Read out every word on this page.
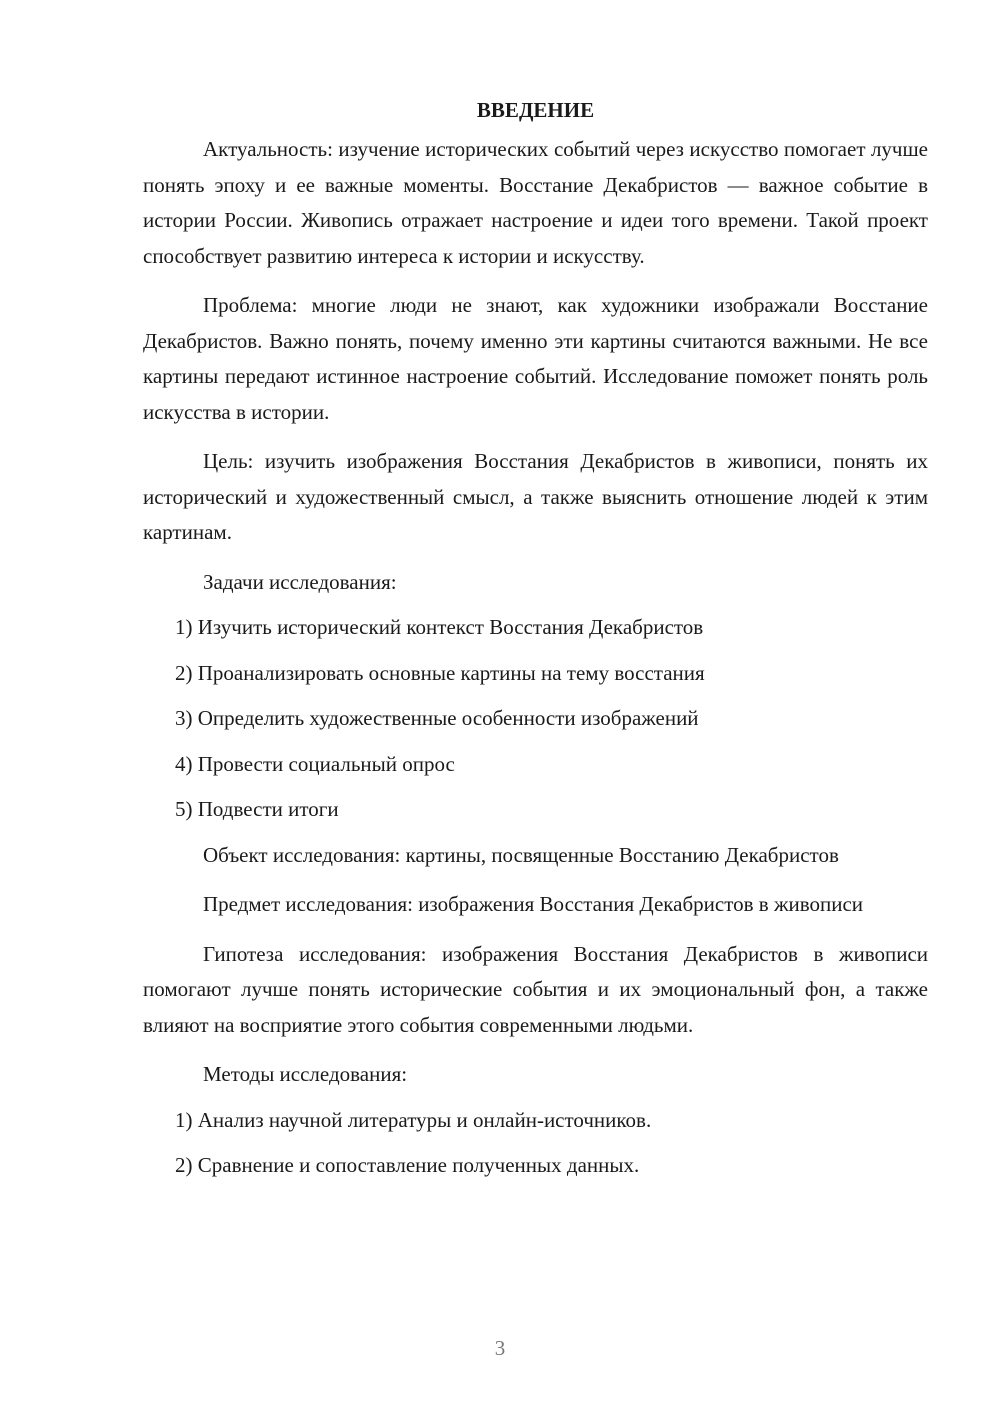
ВВЕДЕНИЕ

Актуальность: изучение исторических событий через искусство помогает лучше понять эпоху и ее важные моменты. Восстание Декабристов — важное событие в истории России. Живопись отражает настроение и идеи того времени. Такой проект способствует развитию интереса к истории и искусству.

Проблема: многие люди не знают, как художники изображали Восстание Декабристов. Важно понять, почему именно эти картины считаются важными. Не все картины передают истинное настроение событий. Исследование поможет понять роль искусства в истории.

Цель: изучить изображения Восстания Декабристов в живописи, понять их исторический и художественный смысл, а также выяснить отношение людей к этим картинам.

Задачи исследования:

1) Изучить исторический контекст Восстания Декабристов
2) Проанализировать основные картины на тему восстания
3) Определить художественные особенности изображений
4) Провести социальный опрос
5) Подвести итоги

Объект исследования: картины, посвященные Восстанию Декабристов

Предмет исследования: изображения Восстания Декабристов в живописи

Гипотеза исследования: изображения Восстания Декабристов в живописи помогают лучше понять исторические события и их эмоциональный фон, а также влияют на восприятие этого события современными людьми.

Методы исследования:

1) Анализ научной литературы и онлайн-источников.
2) Сравнение и сопоставление полученных данных.
3
